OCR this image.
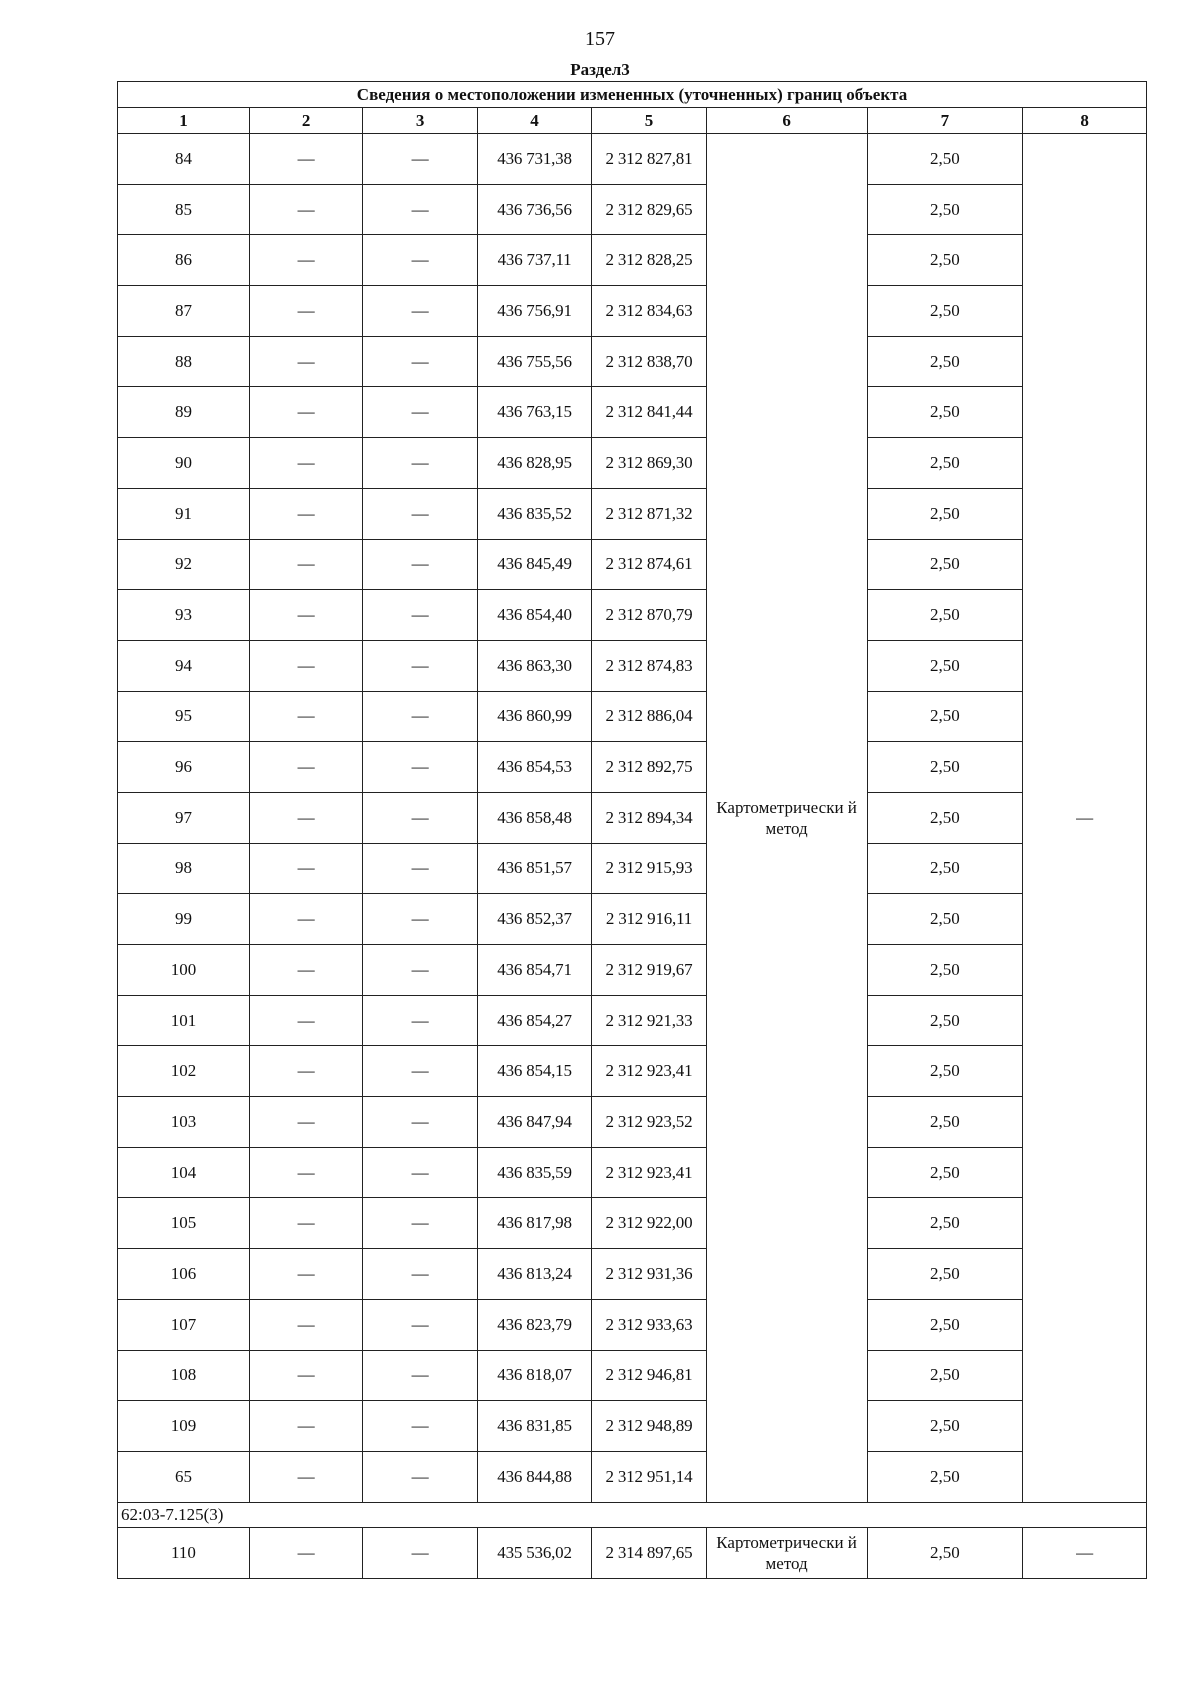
157
Раздел3
Сведения о местоположении измененных (уточненных) границ объекта							
1	2	3	4	5	6	7	8
84	—	—	436 731,38	2 312 827,81	Картометрически й метод	2,50	—
85	—	—	436 736,56	2 312 829,65		2,50	
86	—	—	436 737,11	2 312 828,25		2,50	
87	—	—	436 756,91	2 312 834,63		2,50	
88	—	—	436 755,56	2 312 838,70		2,50	
89	—	—	436 763,15	2 312 841,44		2,50	
90	—	—	436 828,95	2 312 869,30		2,50	
91	—	—	436 835,52	2 312 871,32		2,50	
92	—	—	436 845,49	2 312 874,61		2,50	
93	—	—	436 854,40	2 312 870,79		2,50	
94	—	—	436 863,30	2 312 874,83		2,50	
95	—	—	436 860,99	2 312 886,04		2,50	
96	—	—	436 854,53	2 312 892,75		2,50	
97	—	—	436 858,48	2 312 894,34		2,50	
98	—	—	436 851,57	2 312 915,93		2,50	
99	—	—	436 852,37	2 312 916,11		2,50	
100	—	—	436 854,71	2 312 919,67		2,50	
101	—	—	436 854,27	2 312 921,33		2,50	
102	—	—	436 854,15	2 312 923,41		2,50	
103	—	—	436 847,94	2 312 923,52		2,50	
104	—	—	436 835,59	2 312 923,41		2,50	
105	—	—	436 817,98	2 312 922,00		2,50	
106	—	—	436 813,24	2 312 931,36		2,50	
107	—	—	436 823,79	2 312 933,63		2,50	
108	—	—	436 818,07	2 312 946,81		2,50	
109	—	—	436 831,85	2 312 948,89		2,50	
65	—	—	436 844,88	2 312 951,14		2,50	
62:03-7.125(3)							
110	—	—	435 536,02	2 314 897,65	Картометрически й метод	2,50	—
